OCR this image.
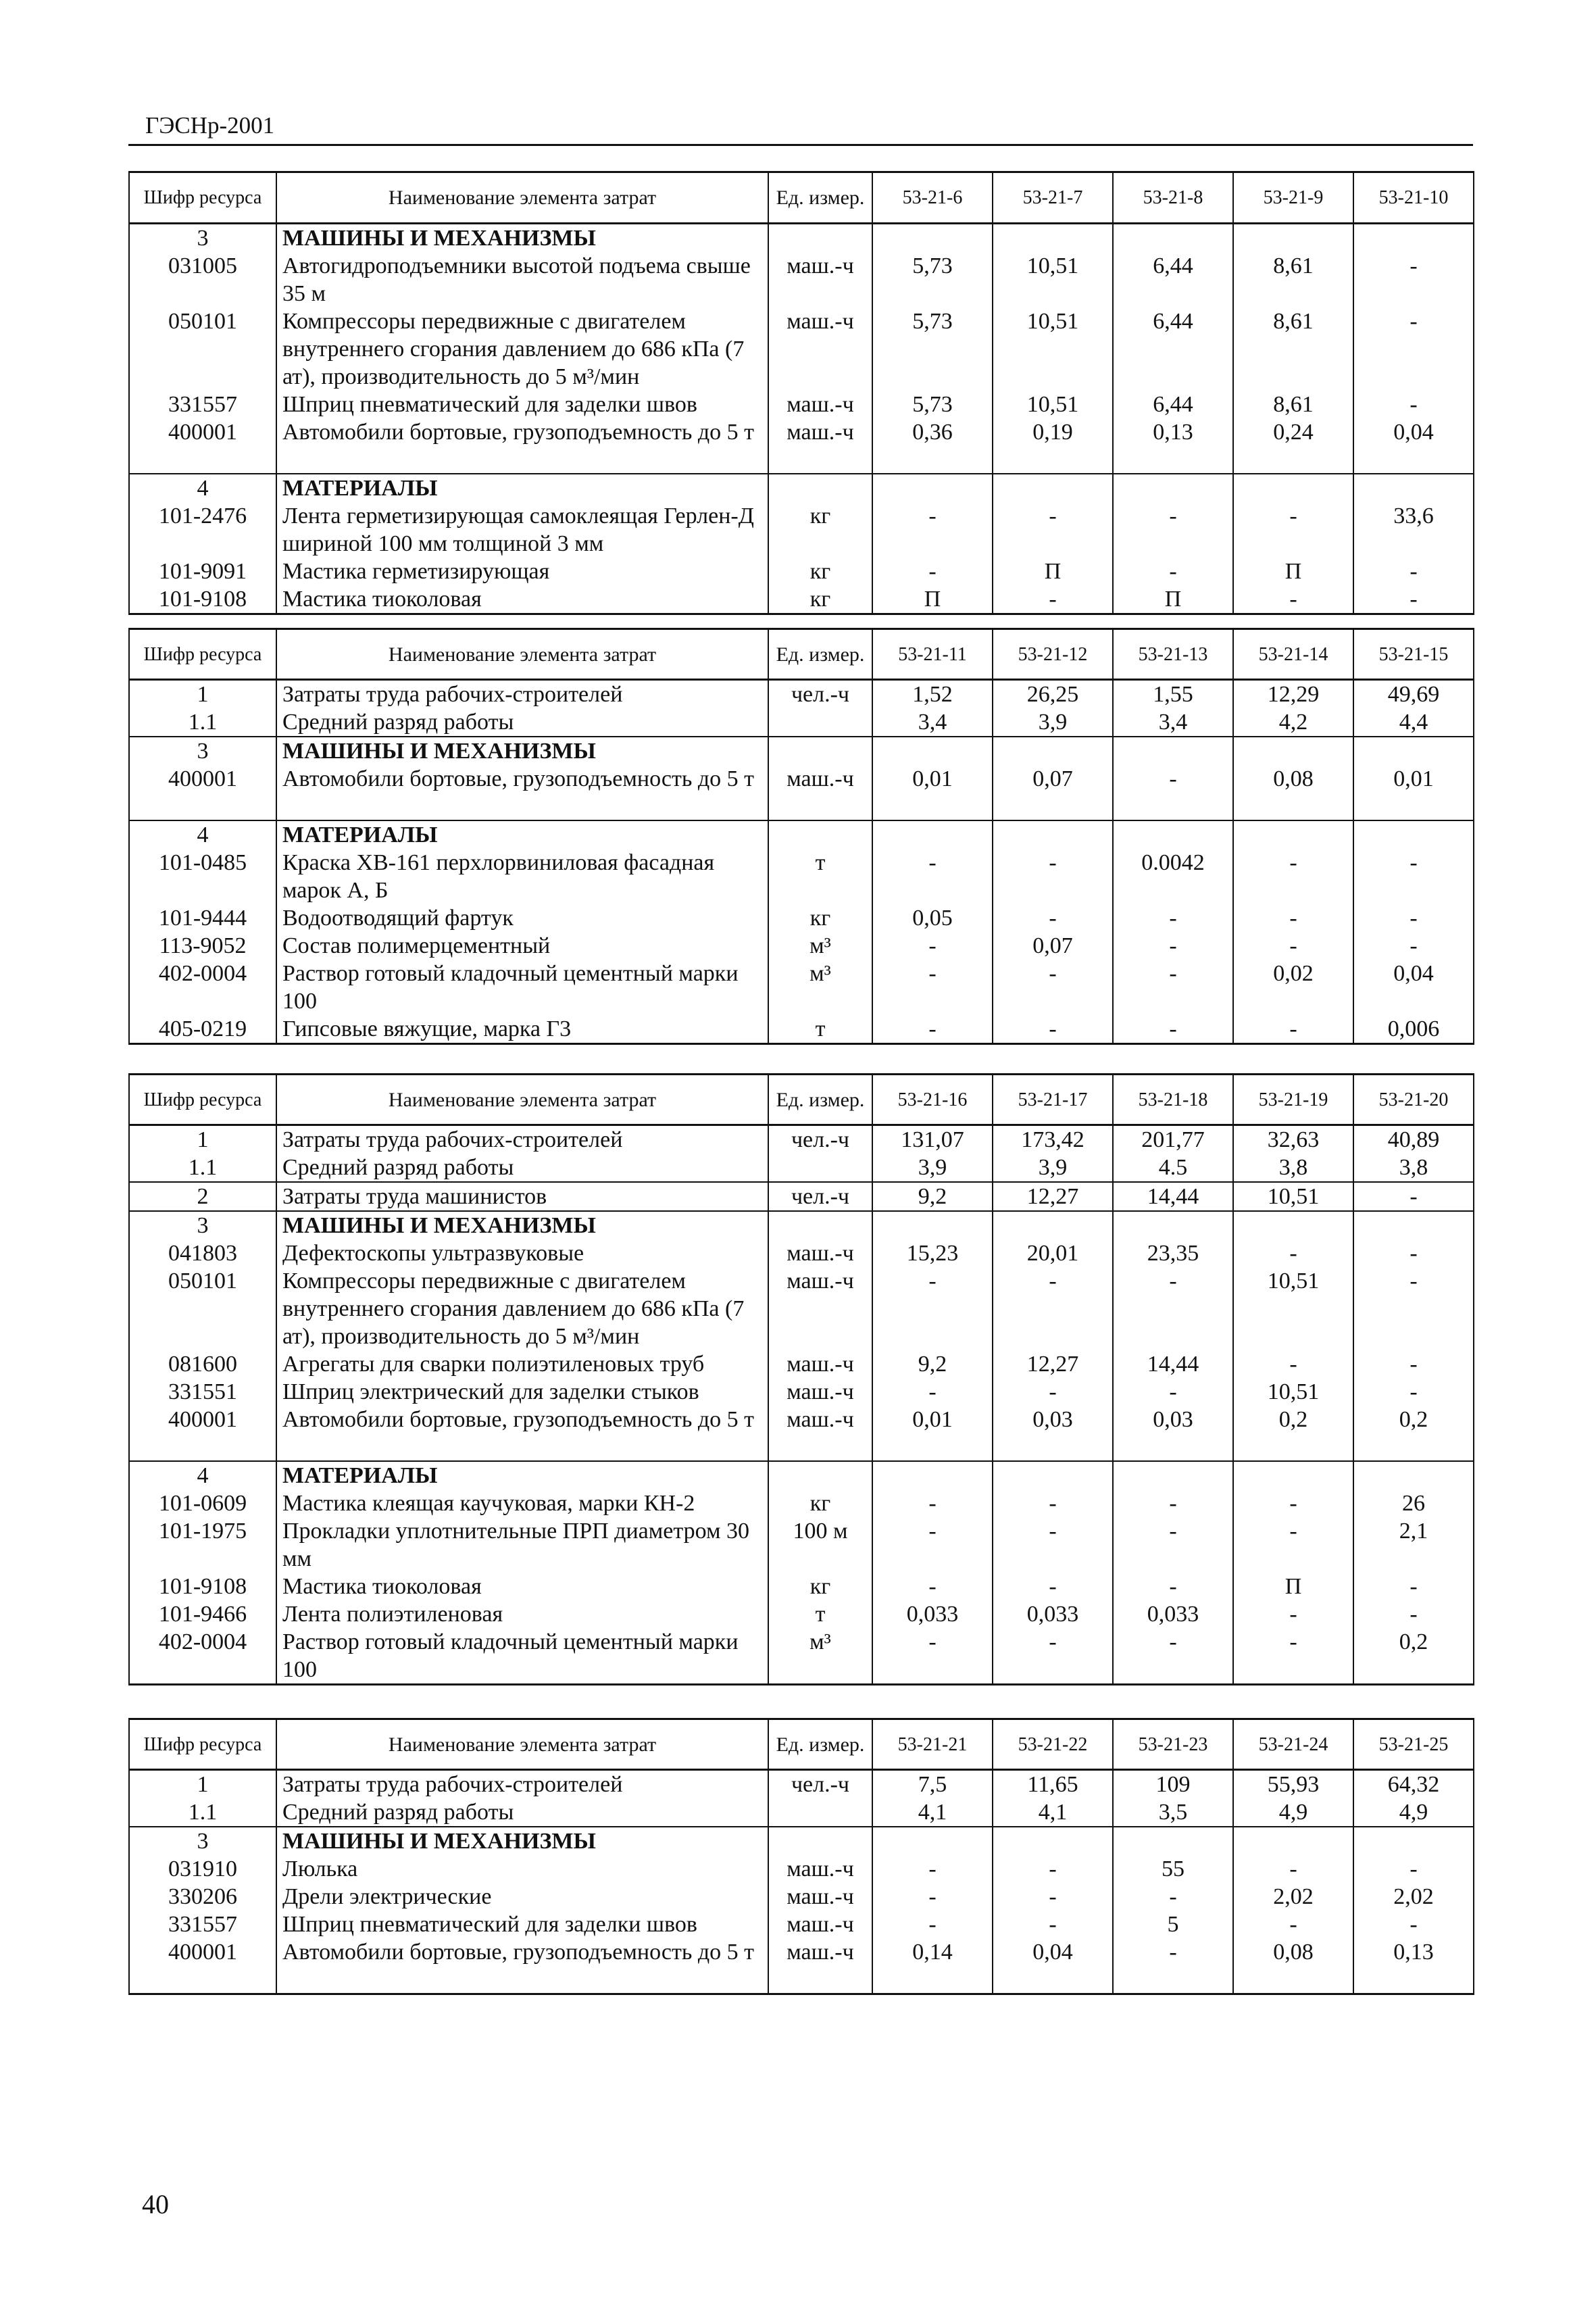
ГЭСНр-2001
Шифр ресурса	Наименование элемента затрат	Ед. измер.	53-21-6	53-21-7	53-21-8	53-21-9	53-21-10
3	МАШИНЫ И МЕХАНИЗМЫ						
031005	Автогидроподъемники высотой подъема свыше 35 м	маш.-ч	5,73	10,51	6,44	8,61	-
050101	Компрессоры передвижные с двигателем внутреннего сгорания давлением до 686 кПа (7 ат), производительность до 5 м³/мин	маш.-ч	5,73	10,51	6,44	8,61	-
331557	Шприц пневматический для заделки швов	маш.-ч	5,73	10,51	6,44	8,61	-
400001	Автомобили бортовые, грузоподъемность до 5 т	маш.-ч	0,36	0,19	0,13	0,24	0,04
4	МАТЕРИАЛЫ						
101-2476	Лента герметизирующая самоклеящая Герлен-Д шириной 100 мм толщиной 3 мм	кг	-	-	-	-	33,6
101-9091	Мастика герметизирующая	кг	-	П	-	П	-
101-9108	Мастика тиоколовая	кг	П	-	П	-	-
Шифр ресурса	Наименование элемента затрат	Ед. измер.	53-21-11	53-21-12	53-21-13	53-21-14	53-21-15
1	Затраты труда рабочих-строителей	чел.-ч	1,52	26,25	1,55	12,29	49,69
1.1	Средний разряд работы		3,4	3,9	3,4	4,2	4,4
3	МАШИНЫ И МЕХАНИЗМЫ						
400001	Автомобили бортовые, грузоподъемность до 5 т	маш.-ч	0,01	0,07	-	0,08	0,01
4	МАТЕРИАЛЫ						
101-0485	Краска ХВ-161 перхлорвиниловая фасадная марок А, Б	т	-	-	0.0042	-	-
101-9444	Водоотводящий фартук	кг	0,05	-	-	-	-
113-9052	Состав полимерцементный	м³	-	0,07	-	-	-
402-0004	Раствор готовый кладочный цементный марки 100	м³	-	-	-	0,02	0,04
405-0219	Гипсовые вяжущие, марка Г3	т	-	-	-	-	0,006
Шифр ресурса	Наименование элемента затрат	Ед. измер.	53-21-16	53-21-17	53-21-18	53-21-19	53-21-20
1	Затраты труда рабочих-строителей	чел.-ч	131,07	173,42	201,77	32,63	40,89
1.1	Средний разряд работы		3,9	3,9	4.5	3,8	3,8
2	Затраты труда машинистов	чел.-ч	9,2	12,27	14,44	10,51	-
3	МАШИНЫ И МЕХАНИЗМЫ						
041803	Дефектоскопы ультразвуковые	маш.-ч	15,23	20,01	23,35	-	-
050101	Компрессоры передвижные с двигателем внутреннего сгорания давлением до 686 кПа (7 ат), производительность до 5 м³/мин	маш.-ч	-	-	-	10,51	-
081600	Агрегаты для сварки полиэтиленовых труб	маш.-ч	9,2	12,27	14,44	-	-
331551	Шприц электрический для заделки стыков	маш.-ч	-	-	-	10,51	-
400001	Автомобили бортовые, грузоподъемность до 5 т	маш.-ч	0,01	0,03	0,03	0,2	0,2
4	МАТЕРИАЛЫ						
101-0609	Мастика клеящая каучуковая, марки КН-2	кг	-	-	-	-	26
101-1975	Прокладки уплотнительные ПРП диаметром 30 мм	100 м	-	-	-	-	2,1
101-9108	Мастика тиоколовая	кг	-	-	-	П	-
101-9466	Лента полиэтиленовая	т	0,033	0,033	0,033	-	-
402-0004	Раствор готовый кладочный цементный марки 100	м³	-	-	-	-	0,2
Шифр ресурса	Наименование элемента затрат	Ед. измер.	53-21-21	53-21-22	53-21-23	53-21-24	53-21-25
1	Затраты труда рабочих-строителей	чел.-ч	7,5	11,65	109	55,93	64,32
1.1	Средний разряд работы		4,1	4,1	3,5	4,9	4,9
3	МАШИНЫ И МЕХАНИЗМЫ						
031910	Люлька	маш.-ч	-	-	55	-	-
330206	Дрели электрические	маш.-ч	-	-	-	2,02	2,02
331557	Шприц пневматический для заделки швов	маш.-ч	-	-	5	-	-
400001	Автомобили бортовые, грузоподъемность до 5 т	маш.-ч	0,14	0,04	-	0,08	0,13
40
